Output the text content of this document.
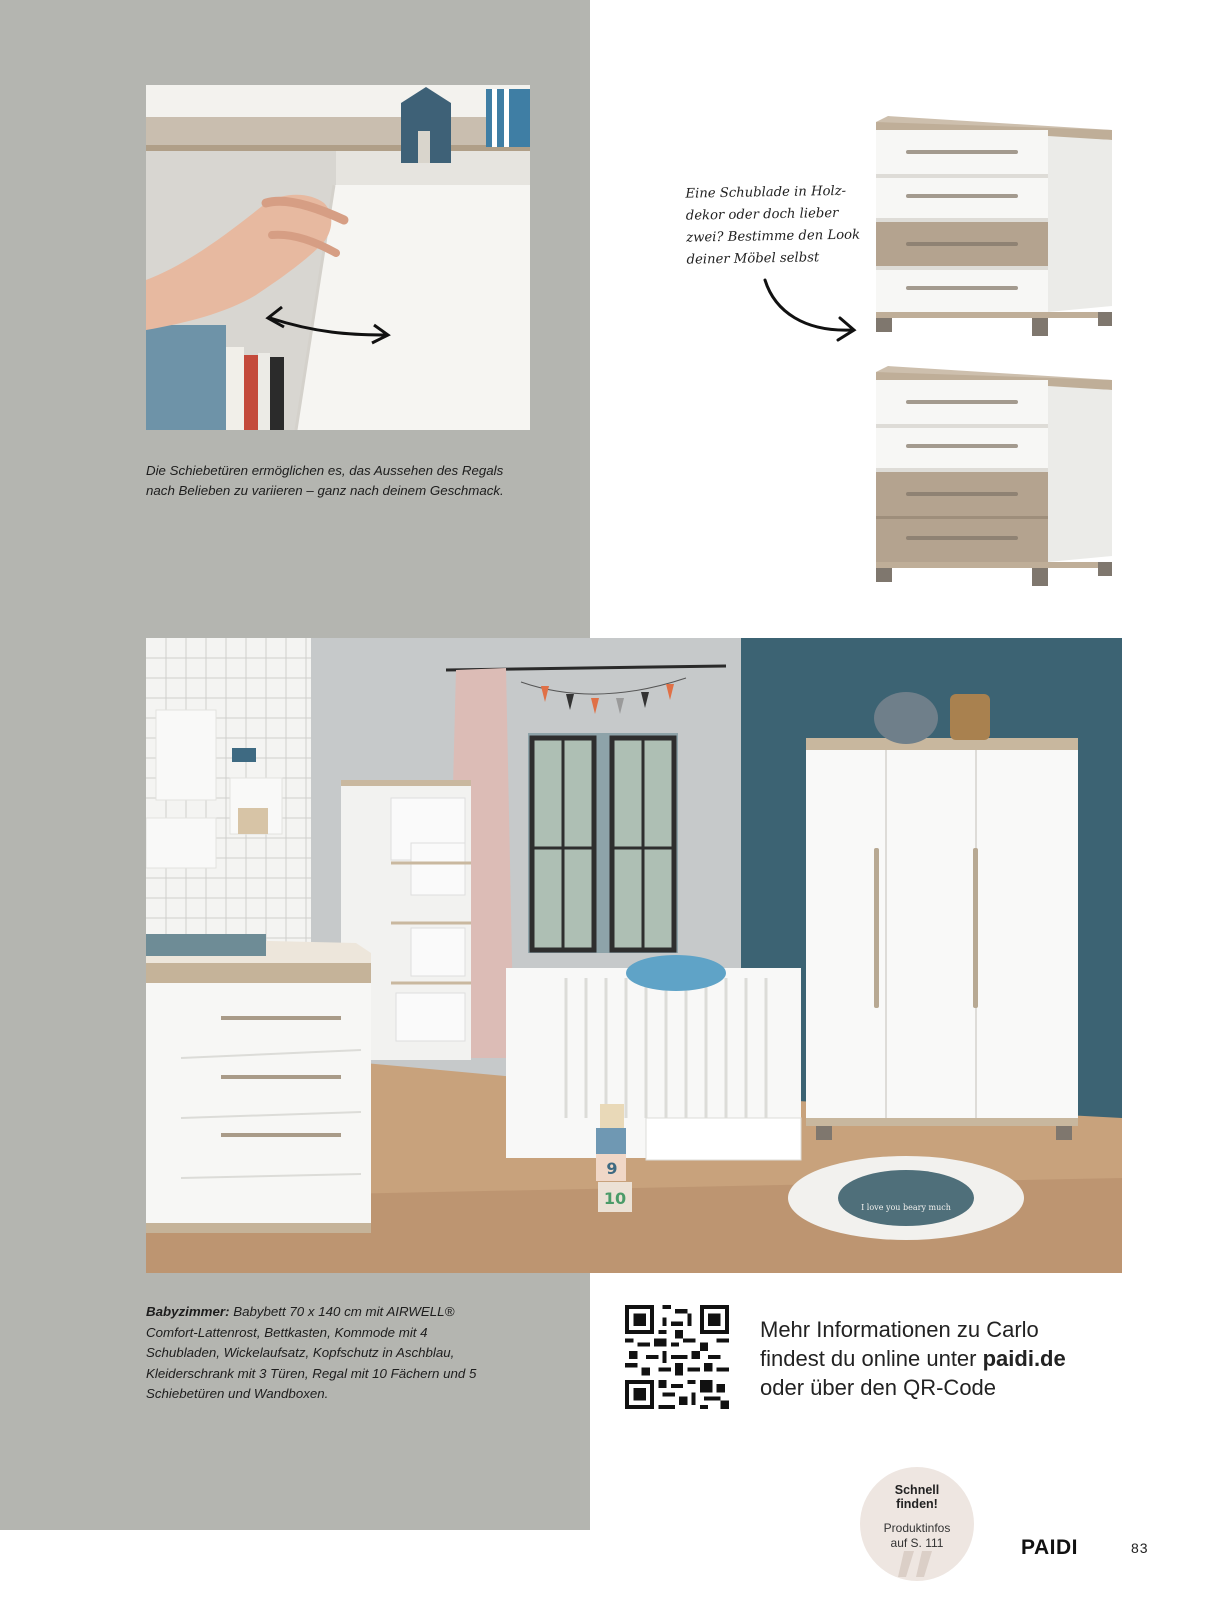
Die Schiebetüren ermöglichen es, das Aussehen des Regals nach Belieben zu variieren – ganz nach deinem Geschmack.
Eine Schublade in Holz-
dekor oder doch lieber
zwei? Bestimme den Look
deiner Möbel selbst
I love you beary much
9
10
Babyzimmer: Babybett 70 x 140 cm mit AIRWELL® Comfort-Lattenrost, Bettkasten, Kommode mit 4 Schubladen, Wickelaufsatz, Kopfschutz in Aschblau, Kleiderschrank mit 3 Türen, Regal mit 10 Fächern und 5 Schiebetüren und Wandboxen.
Mehr Informationen zu Carlo
findest du online unter paidi.de
oder über den QR-Code
Schnell
finden!
Produktinfos
auf S. 111	PAIDI	83
